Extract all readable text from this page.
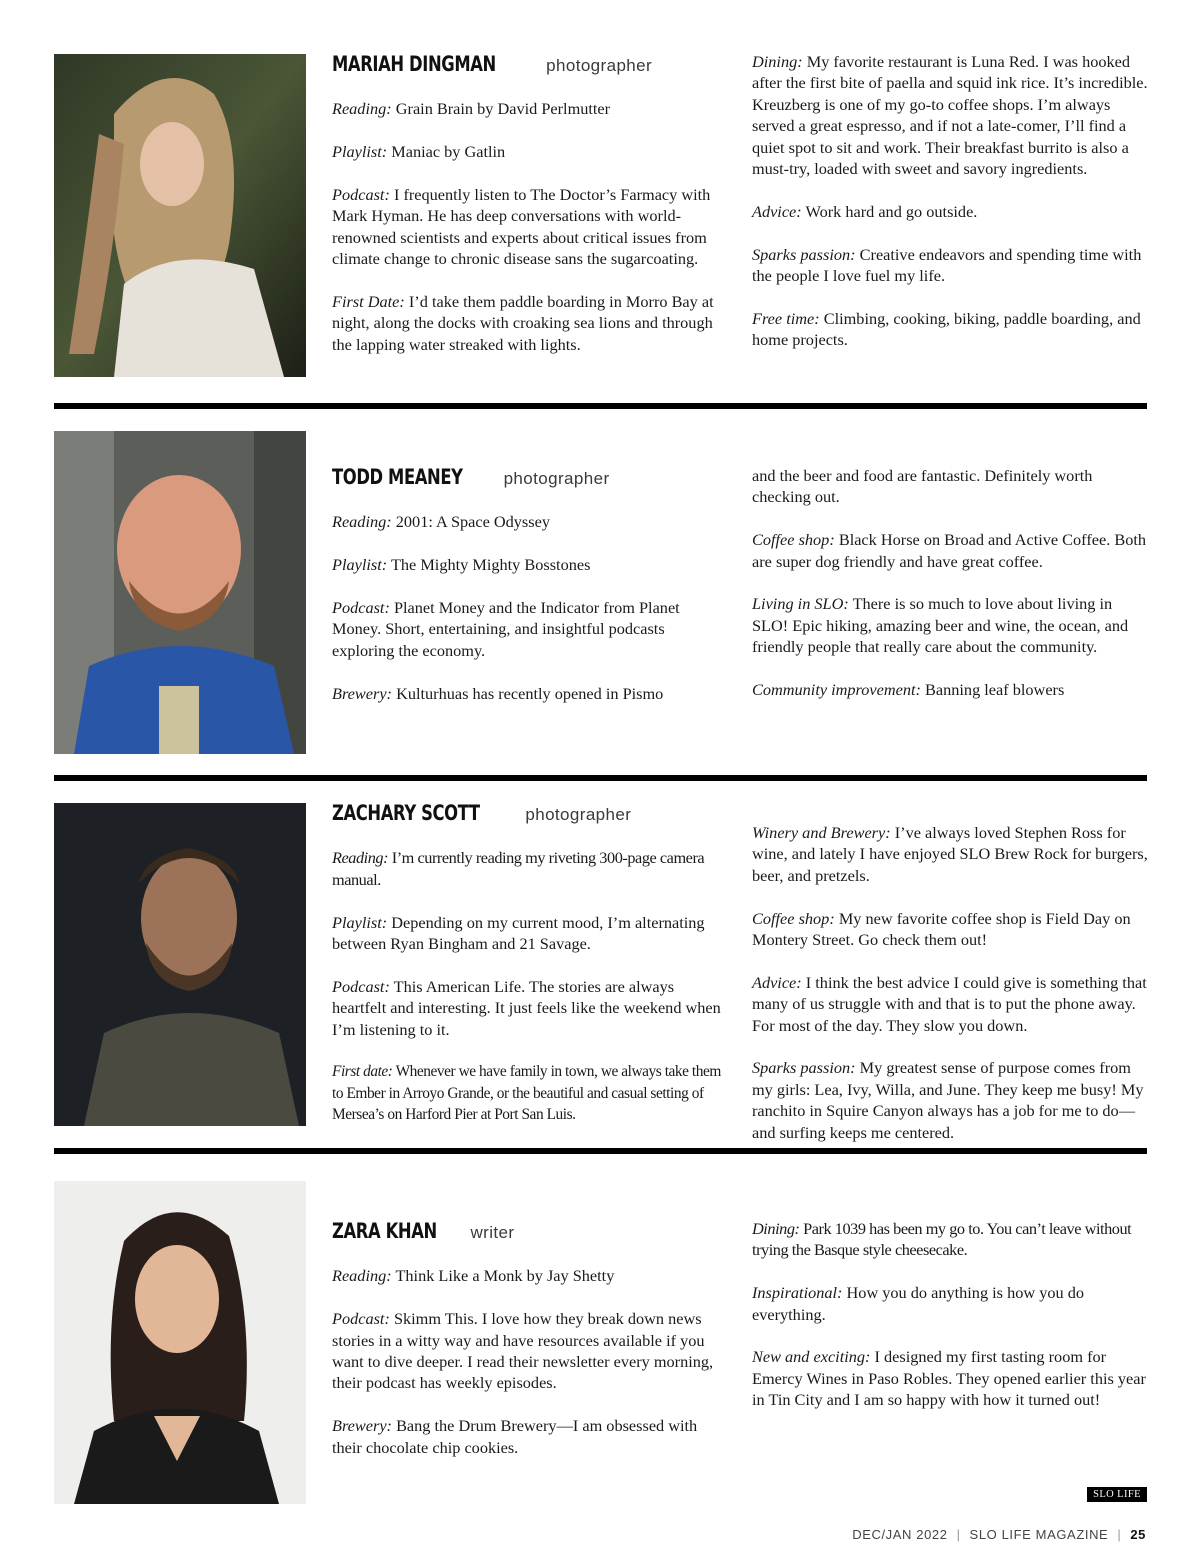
MARIAH DINGMAN	photographer

Reading: Grain Brain by David Perlmutter

Playlist: Maniac by Gatlin

Podcast: I frequently listen to The Doctor’s Farmacy with Mark Hyman. He has deep conversations with world-renowned scientists and experts about critical issues from climate change to chronic disease sans the sugarcoating.

First Date: I’d take them paddle boarding in Morro Bay at night, along the docks with croaking sea lions and through the lapping water streaked with lights.

Dining: My favorite restaurant is Luna Red. I was hooked after the first bite of paella and squid ink rice. It’s incredible. Kreuzberg is one of my go-to coffee shops. I’m always served a great espresso, and if not a late-comer, I’ll find a quiet spot to sit and work. Their breakfast burrito is also a must-try, loaded with sweet and savory ingredients.

Advice: Work hard and go outside.

Sparks passion: Creative endeavors and spending time with the people I love fuel my life.

Free time: Climbing, cooking, biking, paddle boarding, and home projects.

TODD MEANEY photographer

Reading: 2001: A Space Odyssey

Playlist: The Mighty Mighty Bosstones

Podcast: Planet Money and the Indicator from Planet Money. Short, entertaining, and insightful podcasts exploring the economy.

Brewery: Kulturhuas has recently opened in Pismo

and the beer and food are fantastic. Definitely worth checking out.

Coffee shop: Black Horse on Broad and Active Coffee. Both are super dog friendly and have great coffee.

Living in SLO: There is so much to love about living in SLO! Epic hiking, amazing beer and wine, the ocean, and friendly people that really care about the community.

Community improvement: Banning leaf blowers

ZACHARY SCOTT	photographer

Reading: I’m currently reading my riveting 300-page camera manual.

Playlist: Depending on my current mood, I’m alternating between Ryan Bingham and 21 Savage.

Podcast: This American Life. The stories are always heartfelt and interesting. It just feels like the weekend when I’m listening to it.

First date: Whenever we have family in town, we always take them to Ember in Arroyo Grande, or the beautiful and casual setting of Mersea’s on Harford Pier at Port San Luis.

Winery and Brewery: I’ve always loved Stephen Ross for wine, and lately I have enjoyed SLO Brew Rock for burgers, beer, and pretzels.

Coffee shop: My new favorite coffee shop is Field Day on Montery Street. Go check them out!

Advice: I think the best advice I could give is something that many of us struggle with and that is to put the phone away. For most of the day. They slow you down.

Sparks passion: My greatest sense of purpose comes from my girls: Lea, Ivy, Willa, and June. They keep me busy! My ranchito in Squire Canyon always has a job for me to do—and surfing keeps me centered.

ZARA KHAN writer

Reading: Think Like a Monk by Jay Shetty

Podcast: Skimm This. I love how they break down news stories in a witty way and have resources available if you want to dive deeper. I read their newsletter every morning, their podcast has weekly episodes.

Brewery: Bang the Drum Brewery—I am obsessed with their chocolate chip cookies.

Dining: Park 1039 has been my go to. You can’t leave without trying the Basque style cheesecake.

Inspirational: How you do anything is how you do everything.

New and exciting: I designed my first tasting room for Emercy Wines in Paso Robles. They opened earlier this year in Tin City and I am so happy with how it turned out!

SLO LIFE
DEC/JAN 2022 | SLO LIFE MAGAZINE | 25
